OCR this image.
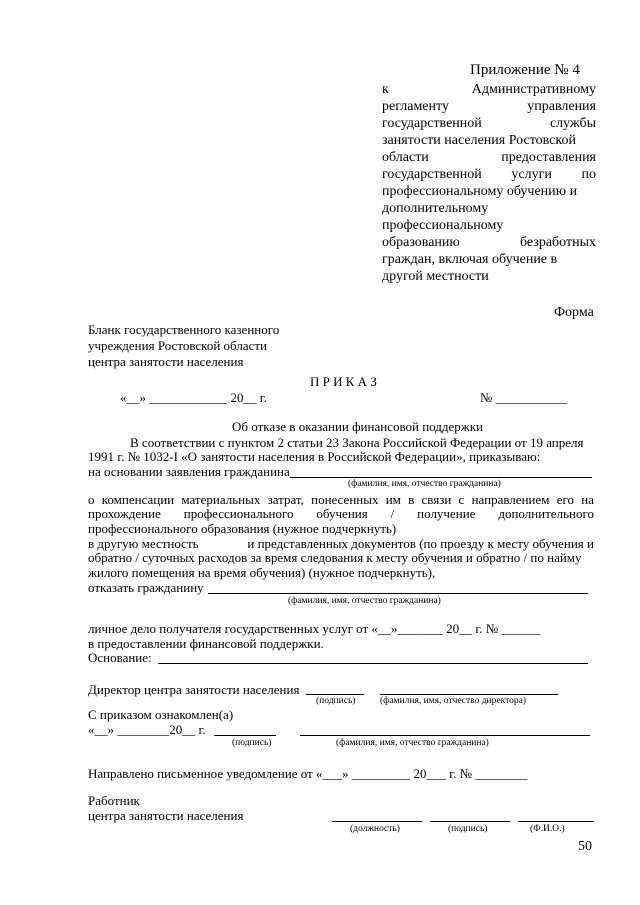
Приложение № 4
к	Административному
регламенту	управления
государственной	службы
занятости населения Ростовской
области	предоставления
государственной услуги по
профессиональному обучению и
дополнительному
профессиональному
образованию	безработных
граждан, включая обучение в
другой местности
Форма
Бланк государственного казенного
учреждения Ростовской области
центра занятости населения
П Р И К А З
«__» ____________ 20__ г.	№ ___________
Об отказе в оказании финансовой поддержки
В соответствии с пунктом 2 статьи 23 Закона Российской Федерации от 19 апреля
1991 г. № 1032-I «О занятости населения в Российской Федерации», приказываю:
на основании заявления гражданина
(фамилия, имя, отчество гражданина)
о компенсации материальных затрат, понесенных им в связи с направлением его на
прохождение профессионального обучения / получение дополнительного
профессионального образования (нужное подчеркнуть)
в другую местность	и представленных документов (по проезду к месту обучения и
обратно / суточных расходов за время следования к месту обучения и обратно / по найму
жилого помещения на время обучения) (нужное подчеркнуть),
отказать гражданину
(фамилия, имя, отчество гражданина)
личное дело получателя государственных услуг от «__»_______ 20__ г. № ______
в предоставлении финансовой поддержки.
Основание:
Директор центра занятости населения
(подпись)	(фамилия, имя, отчество директора)
С приказом ознакомлен(а)
«__» ________20__ г.
(подпись)	(фамилия, имя, отчество гражданина)
Направлено письменное уведомление от «___» _________ 20___ г. № ________
Работник
центра занятости населения
(должность)	(подпись)	(Ф.И.О.)
50
